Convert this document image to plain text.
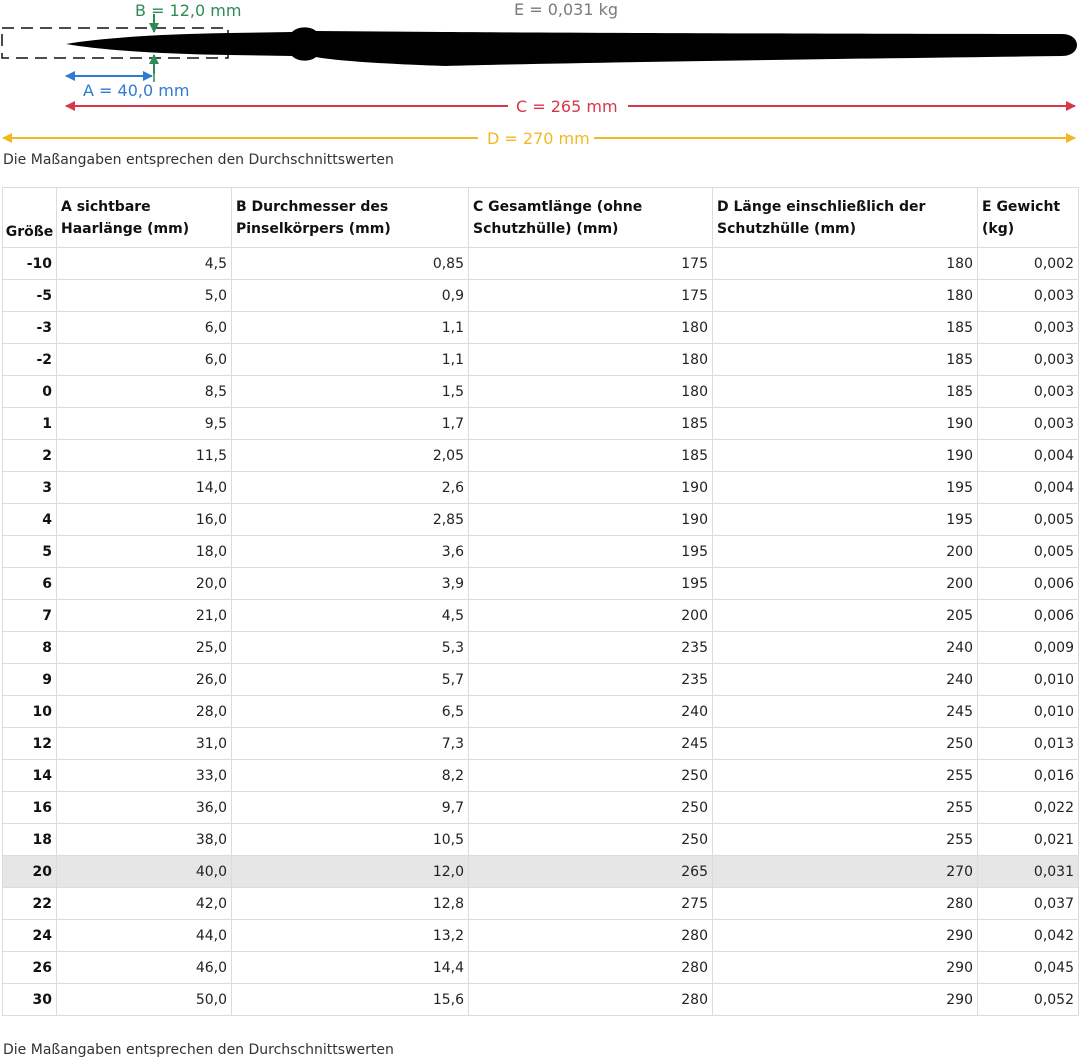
B = 12,0 mm	E = 0,031 kg
A = 40,0 mm
C = 265 mm
D = 270 mm
Die Maßangaben entsprechen den Durchschnittswerten
Größe	A sichtbare Haarlänge (mm)	B Durchmesser des Pinselkörpers (mm)	C Gesamtlänge (ohne Schutzhülle) (mm)	D Länge einschließlich der Schutzhülle (mm)	E Gewicht (kg)
-10	4,5	0,85	175	180	0,002
-5	5,0	0,9	175	180	0,003
-3	6,0	1,1	180	185	0,003
-2	6,0	1,1	180	185	0,003
0	8,5	1,5	180	185	0,003
1	9,5	1,7	185	190	0,003
2	11,5	2,05	185	190	0,004
3	14,0	2,6	190	195	0,004
4	16,0	2,85	190	195	0,005
5	18,0	3,6	195	200	0,005
6	20,0	3,9	195	200	0,006
7	21,0	4,5	200	205	0,006
8	25,0	5,3	235	240	0,009
9	26,0	5,7	235	240	0,010
10	28,0	6,5	240	245	0,010
12	31,0	7,3	245	250	0,013
14	33,0	8,2	250	255	0,016
16	36,0	9,7	250	255	0,022
18	38,0	10,5	250	255	0,021
20	40,0	12,0	265	270	0,031
22	42,0	12,8	275	280	0,037
24	44,0	13,2	280	290	0,042
26	46,0	14,4	280	290	0,045
30	50,0	15,6	280	290	0,052
Die Maßangaben entsprechen den Durchschnittswerten
